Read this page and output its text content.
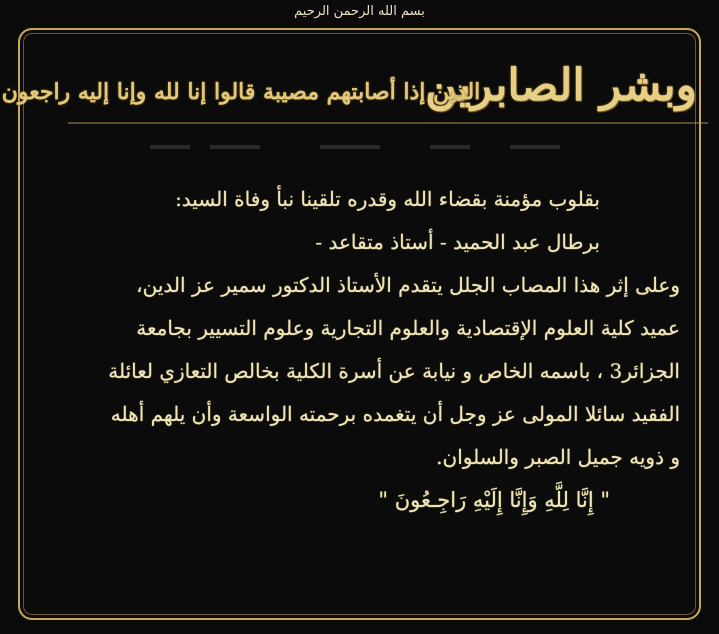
بسم الله الرحمن الرحيم
وبشر الصابرين
الذين إذا أصابتهم مصيبة قالوا إنا لله وإنا إليه راجعون
بقلوب مؤمنة بقضاء الله وقدره تلقينا نبأ وفاة السيد:
برطال عبد الحميد - أستاذ متقاعد -
وعلى إثر هذا المصاب الجلل يتقدم الأستاذ الدكتور سمير عز الدين،
عميد كلية العلوم الإقتصادية والعلوم التجارية وعلوم التسيير بجامعة
الجزائر3 ، باسمه الخاص و نيابة عن أسرة الكلية بخالص التعازي لعائلة
الفقيد سائلا المولى عز وجل أن يتغمده برحمته الواسعة وأن يلهم أهله
و ذويه جميل الصبر والسلوان.
" إِنَّا لِلَّهِ وَإِنَّا إِلَيْهِ رَاجِـعُونَ "
